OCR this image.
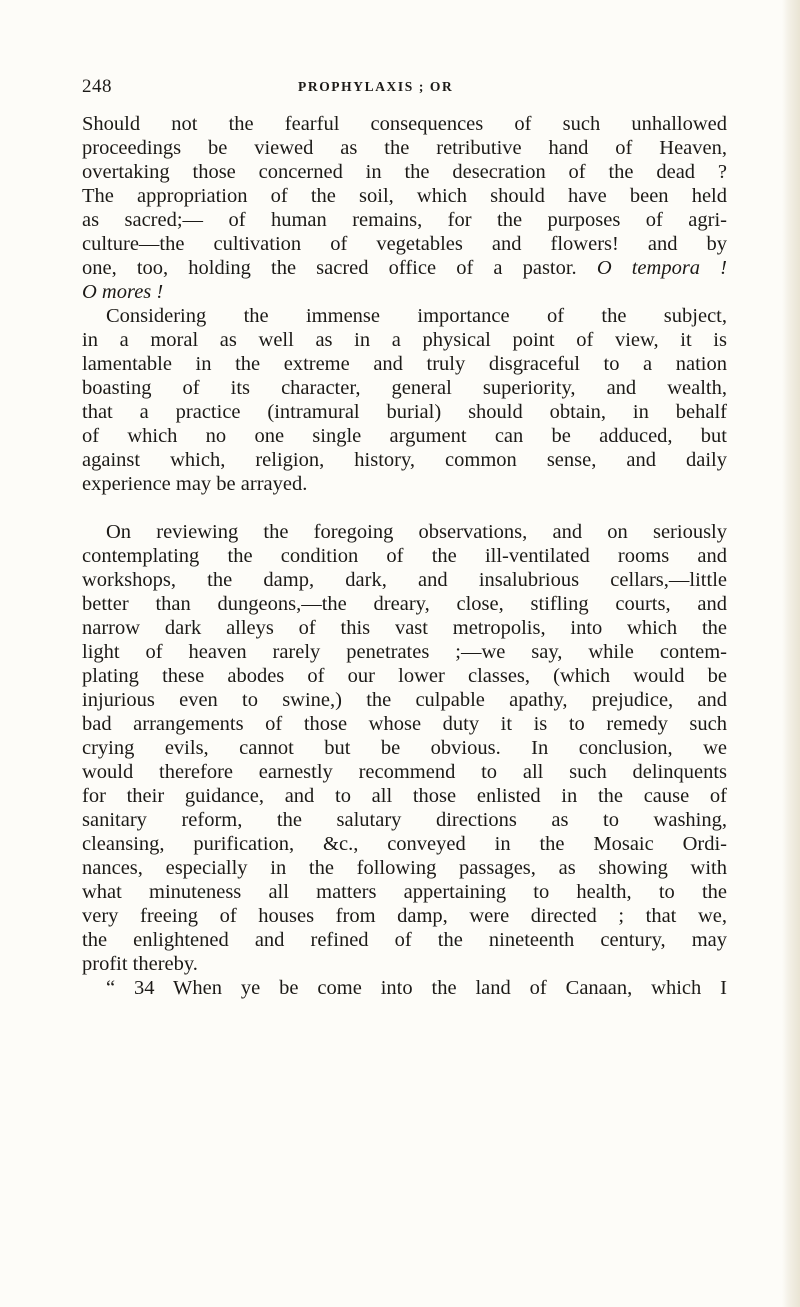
248	PROPHYLAXIS ; OR
Should not the fearful consequences of such unhallowed
proceedings be viewed as the retributive hand of Heaven,
overtaking those concerned in the desecration of the dead ?
The appropriation of the soil, which should have been held
as sacred;— of human remains, for the purposes of agri-
culture—the cultivation of vegetables and flowers! and by
one, too, holding the sacred office of a pastor. O tempora !
O mores !
Considering the immense importance of the subject,
in a moral as well as in a physical point of view, it is
lamentable in the extreme and truly disgraceful to a nation
boasting of its character, general superiority, and wealth,
that a practice (intramural burial) should obtain, in behalf
of which no one single argument can be adduced, but
against which, religion, history, common sense, and daily
experience may be arrayed.
On reviewing the foregoing observations, and on seriously
contemplating the condition of the ill-ventilated rooms and
workshops, the damp, dark, and insalubrious cellars,—little
better than dungeons,—the dreary, close, stifling courts, and
narrow dark alleys of this vast metropolis, into which the
light of heaven rarely penetrates ;—we say, while contem-
plating these abodes of our lower classes, (which would be
injurious even to swine,) the culpable apathy, prejudice, and
bad arrangements of those whose duty it is to remedy such
crying evils, cannot but be obvious. In conclusion, we
would therefore earnestly recommend to all such delinquents
for their guidance, and to all those enlisted in the cause of
sanitary reform, the salutary directions as to washing,
cleansing, purification, &c., conveyed in the Mosaic Ordi-
nances, especially in the following passages, as showing with
what minuteness all matters appertaining to health, to the
very freeing of houses from damp, were directed ; that we,
the enlightened and refined of the nineteenth century, may
profit thereby.
“ 34 When ye be come into the land of Canaan, which I
